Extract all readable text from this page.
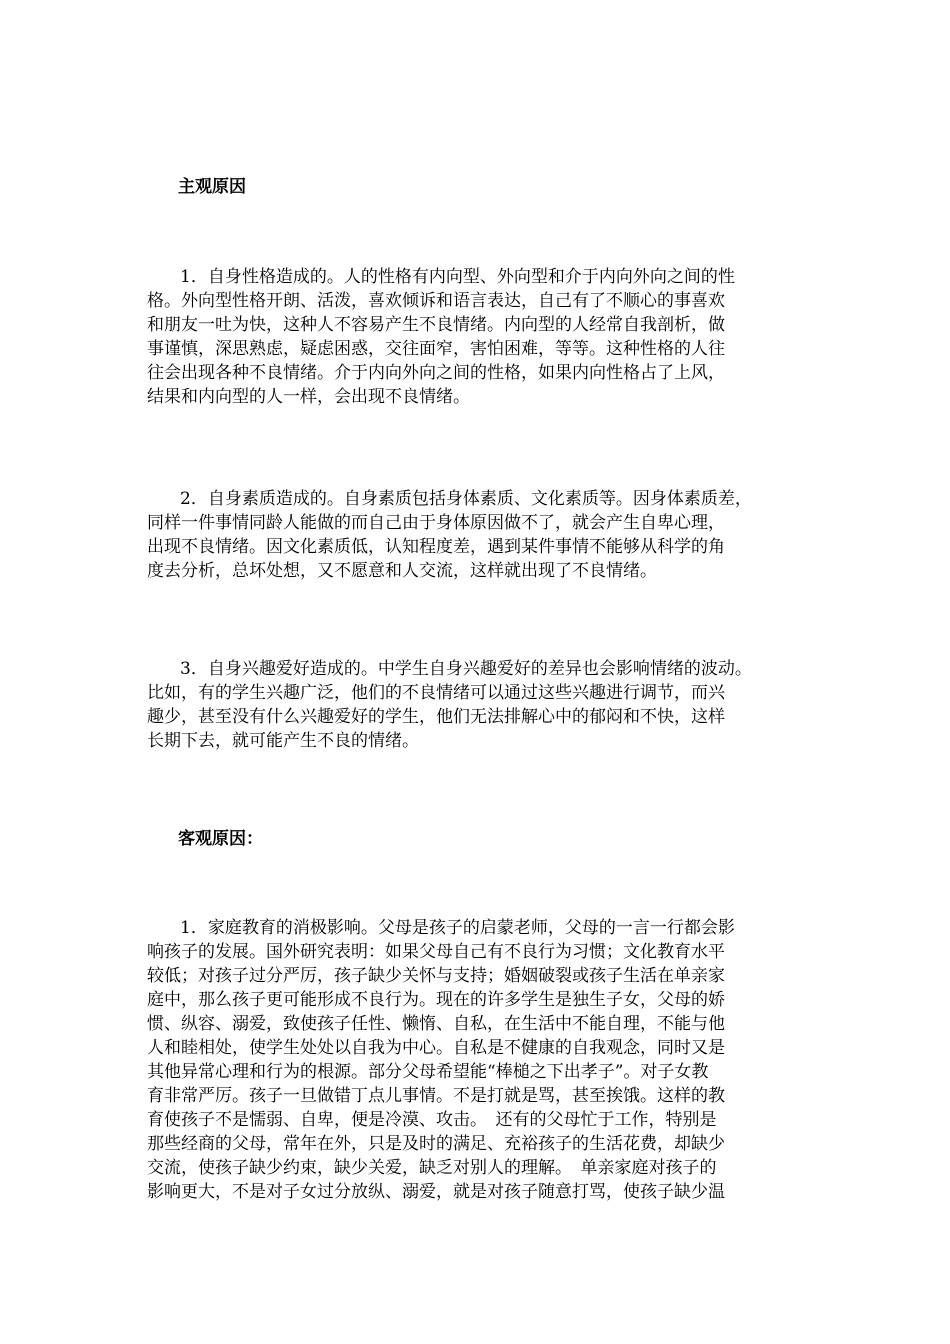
主观原因
1．自身性格造成的。人的性格有内向型、外向型和介于内向外向之间的性
格。外向型性格开朗、活泼，喜欢倾诉和语言表达，自己有了不顺心的事喜欢
和朋友一吐为快，这种人不容易产生不良情绪。内向型的人经常自我剖析，做
事谨慎，深思熟虑，疑虑困惑，交往面窄，害怕困难，等等。这种性格的人往
往会出现各种不良情绪。介于内向外向之间的性格，如果内向性格占了上风，
结果和内向型的人一样，会出现不良情绪。
2．自身素质造成的。自身素质包括身体素质、文化素质等。因身体素质差，
同样一件事情同龄人能做的而自己由于身体原因做不了，就会产生自卑心理，
出现不良情绪。因文化素质低，认知程度差，遇到某件事情不能够从科学的角
度去分析，总坏处想，又不愿意和人交流，这样就出现了不良情绪。
3．自身兴趣爱好造成的。中学生自身兴趣爱好的差异也会影响情绪的波动。
比如，有的学生兴趣广泛，他们的不良情绪可以通过这些兴趣进行调节，而兴
趣少，甚至没有什么兴趣爱好的学生，他们无法排解心中的郁闷和不快，这样
长期下去，就可能产生不良的情绪。
客观原因：
1．家庭教育的消极影响。父母是孩子的启蒙老师，父母的一言一行都会影
响孩子的发展。国外研究表明：如果父母自己有不良行为习惯；文化教育水平
较低；对孩子过分严厉，孩子缺少关怀与支持；婚姻破裂或孩子生活在单亲家
庭中，那么孩子更可能形成不良行为。现在的许多学生是独生子女，父母的娇
惯、纵容、溺爱，致使孩子任性、懒惰、自私，在生活中不能自理，不能与他
人和睦相处，使学生处处以自我为中心。自私是不健康的自我观念，同时又是
其他异常心理和行为的根源。部分父母希望能“棒槌之下出孝子”。对子女教
育非常严厉。孩子一旦做错丁点儿事情。不是打就是骂，甚至挨饿。这样的教
育使孩子不是懦弱、自卑，便是冷漠、攻击。　还有的父母忙于工作，特别是
那些经商的父母，常年在外，只是及时的满足、充裕孩子的生活花费，却缺少
交流，使孩子缺少约束，缺少关爱，缺乏对别人的理解。　单亲家庭对孩子的
影响更大，不是对子女过分放纵、溺爱，就是对孩子随意打骂，使孩子缺少温
